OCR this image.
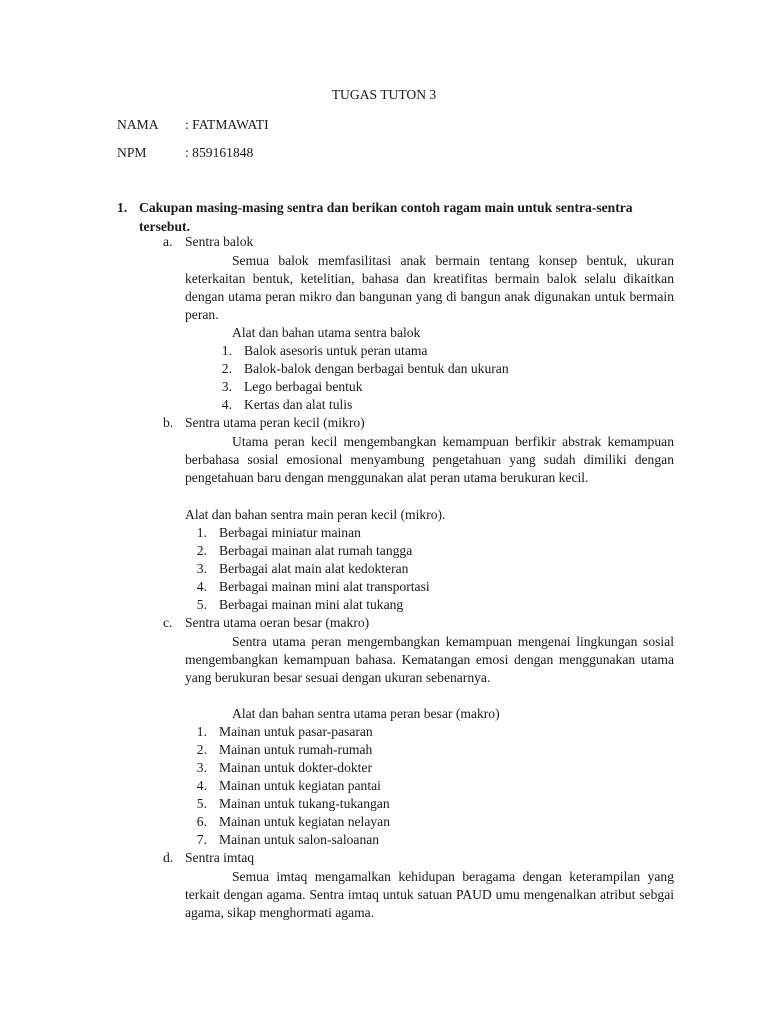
TUGAS TUTON 3
NAMA : FATMAWATI
NPM	: 859161848
1. Cakupan masing-masing sentra dan berikan contoh ragam main untuk sentra-sentra tersebut.
a. Sentra balok
Semua balok memfasilitasi anak bermain tentang konsep bentuk, ukuran keterkaitan bentuk, ketelitian, bahasa dan kreatifitas bermain balok selalu dikaitkan dengan utama peran mikro dan bangunan yang di bangun anak digunakan untuk bermain peran.
Alat dan bahan utama sentra balok
1. Balok asesoris untuk peran utama
2. Balok-balok dengan berbagai bentuk dan ukuran
3. Lego berbagai bentuk
4. Kertas dan alat tulis
b. Sentra utama peran kecil (mikro)
Utama peran kecil mengembangkan kemampuan berfikir abstrak kemampuan berbahasa sosial emosional menyambung pengetahuan yang sudah dimiliki dengan pengetahuan baru dengan menggunakan alat peran utama berukuran kecil.
Alat dan bahan sentra main peran kecil (mikro).
1. Berbagai miniatur mainan
2. Berbagai mainan alat rumah tangga
3. Berbagai alat main alat kedokteran
4. Berbagai mainan mini alat transportasi
5. Berbagai mainan mini alat tukang
c. Sentra utama oeran besar (makro)
Sentra utama peran mengembangkan kemampuan mengenai lingkungan sosial mengembangkan kemampuan bahasa. Kematangan emosi dengan menggunakan utama yang berukuran besar sesuai dengan ukuran sebenarnya.
Alat dan bahan sentra utama peran besar (makro)
1. Mainan untuk pasar-pasaran
2. Mainan untuk rumah-rumah
3. Mainan untuk dokter-dokter
4. Mainan untuk kegiatan pantai
5. Mainan untuk tukang-tukangan
6. Mainan untuk kegiatan nelayan
7. Mainan untuk salon-saloanan
d. Sentra imtaq
Semua imtaq mengamalkan kehidupan beragama dengan keterampilan yang terkait dengan agama. Sentra imtaq untuk satuan PAUD umu mengenalkan atribut sebgai agama, sikap menghormati agama.
